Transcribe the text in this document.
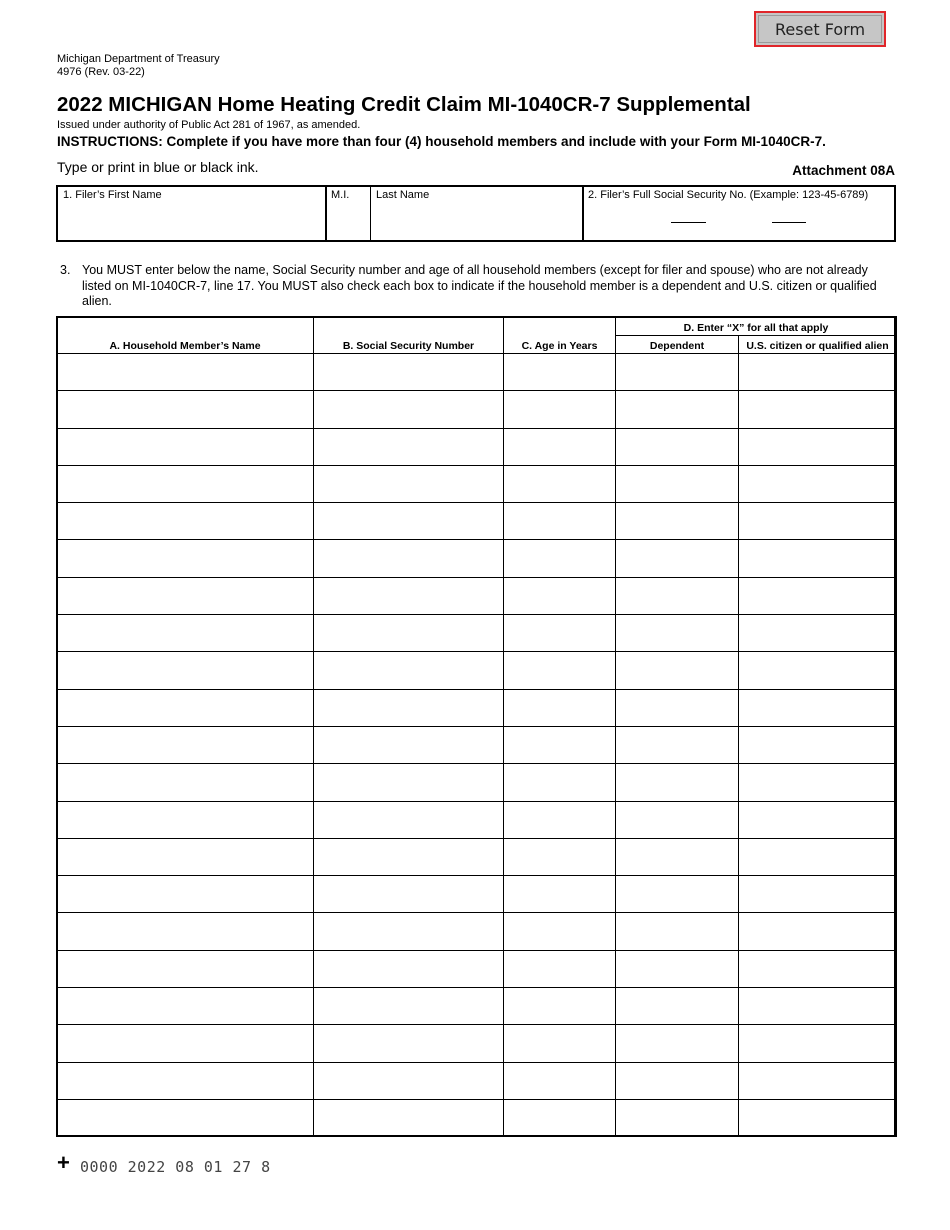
Reset Form
Michigan Department of Treasury
4976 (Rev. 03-22)
2022 MICHIGAN Home Heating Credit Claim MI-1040CR-7 Supplemental
Issued under authority of Public Act 281 of 1967, as amended.
INSTRUCTIONS: Complete if you have more than four (4) household members and include with your Form MI-1040CR-7.
Type or print in blue or black ink.	Attachment 08A
1. Filer’s First Name	M.I. Last Name	2. Filer’s Full Social Security No. (Example: 123-45-6789)
3. You MUST enter below the name, Social Security number and age of all household members (except for filer and spouse) who are not already listed on MI-1040CR-7, line 17. You MUST also check each box to indicate if the household member is a dependent and U.S. citizen or qualified alien.
A. Household Member’s Name	B. Social Security Number	C. Age in Years	D. Enter “X” for all that apply	
			Dependent	U.S. citizen or qualified alien

+ 0000 2022 08 01 27 8
